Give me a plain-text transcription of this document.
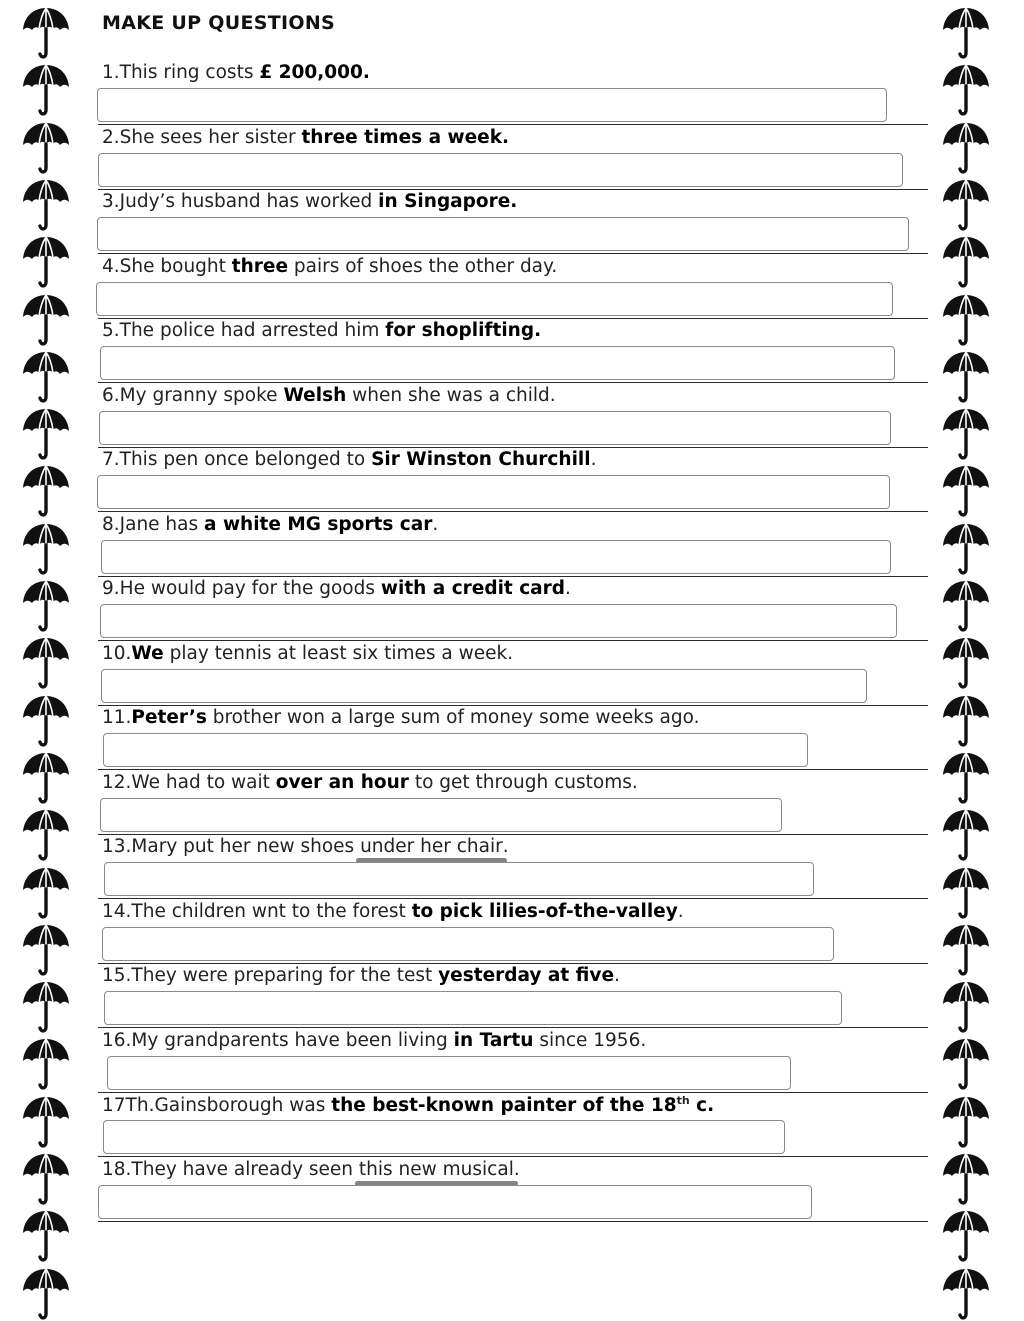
MAKE UP QUESTIONS
1.This ring costs £ 200,000.
2.She sees her sister three times a week.
3.Judy’s husband has worked in Singapore.
4.She bought three pairs of shoes the other day.
5.The police had arrested him for shoplifting.
6.My granny spoke Welsh when she was a child.
7.This pen once belonged to Sir Winston Churchill.
8.Jane has a white MG sports car.
9.He would pay for the goods with a credit card.
10.We play tennis at least six times a week.
11.Peter’s brother won a large sum of money some weeks ago.
12.We had to wait over an hour to get through customs.
13.Mary put her new shoes under her chair.
14.The children wnt to the forest to pick lilies-of-the-valley.
15.They were preparing for the test yesterday at five.
16.My grandparents have been living in Tartu since 1956.
17Th.Gainsborough was the best-known painter of the 18th c.
18.They have already seen this new musical.
